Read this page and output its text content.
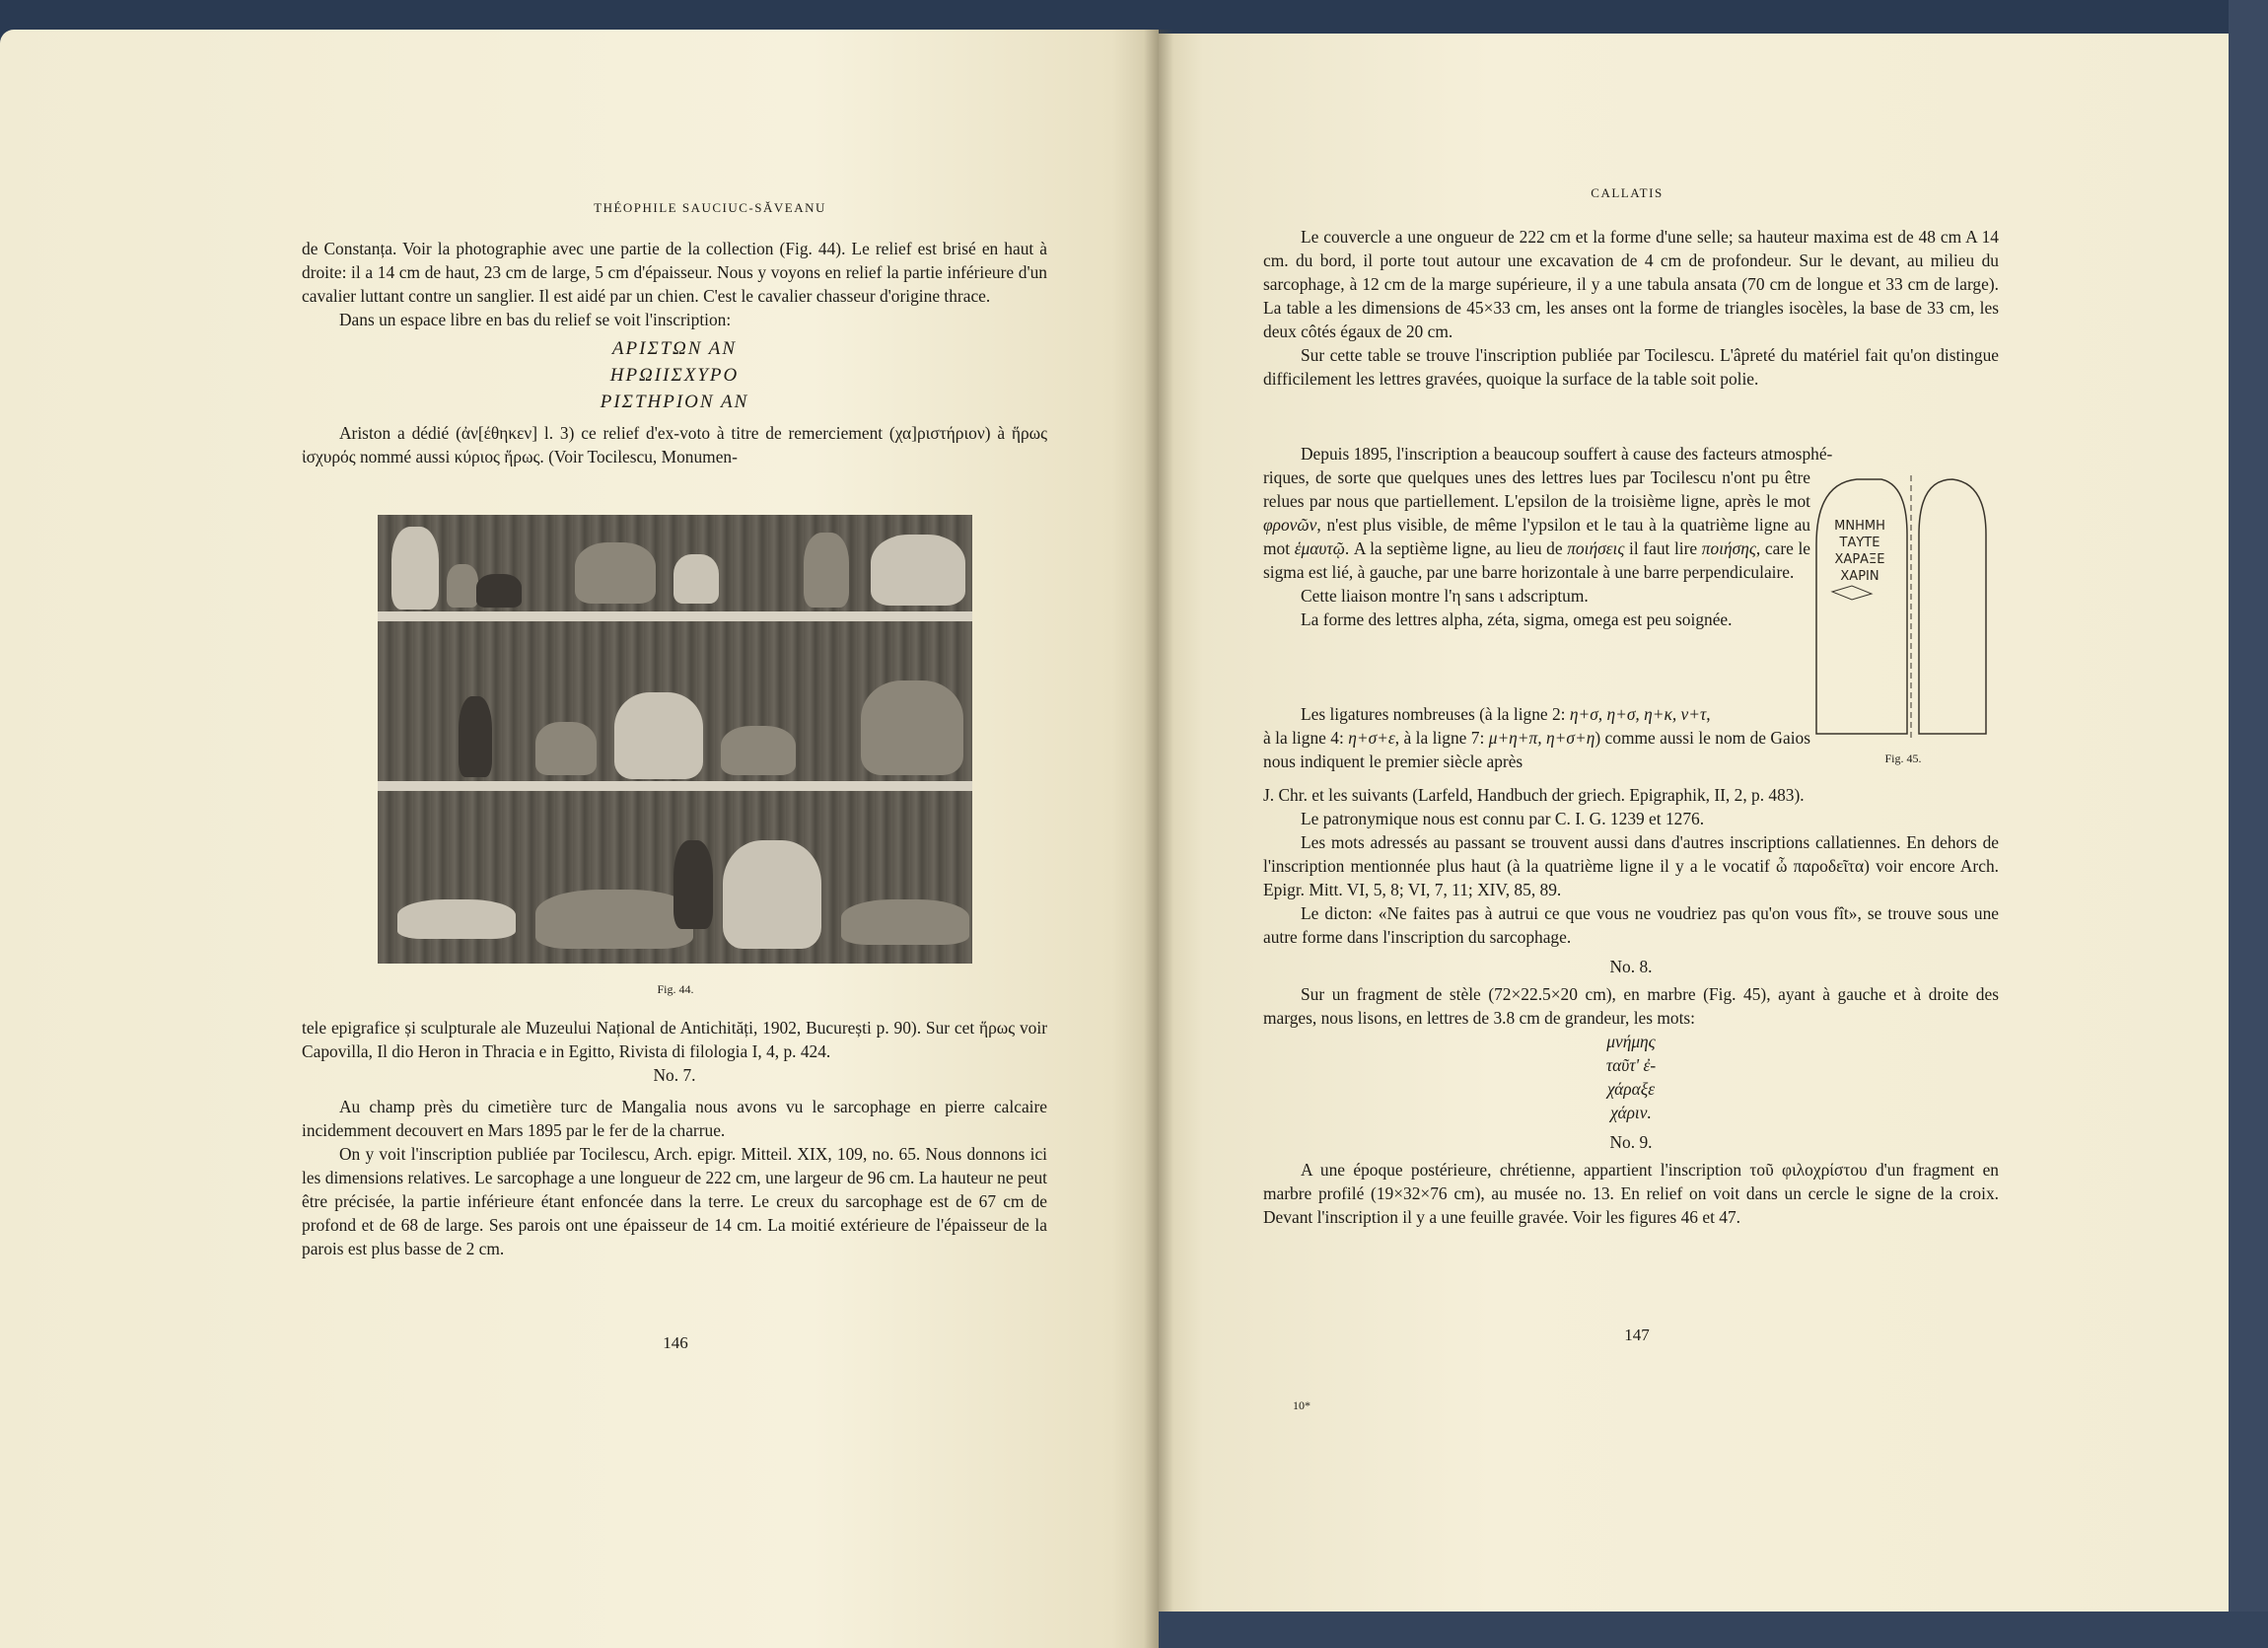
THÉOPHILE SAUCIUC-SĂVEANU

de Constanța. Voir la photographie avec une partie de la collection (Fig. 44). Le relief est brisé en haut à droite: il a 14 cm de haut, 23 cm de large, 5 cm d'épaisseur. Nous y voyons en relief la partie inférieure d'un cavalier luttant contre un sanglier. Il est aidé par un chien. C'est le cavalier chasseur d'origine thrace.

Dans un espace libre en bas du relief se voit l'inscription:

ΑΡΙΣΤΩΝ ΑΝ
ΗΡΩΙΙΣΧΥΡΟ
ΡΙΣΤΗΡΙΟΝ ΑΝ

Ariston a dédié (ἀν[έθηκεν] l. 3) ce relief d'ex-voto à titre de remerciement (χα]ριστήριον) à ἥρως ἰσχυρός nommé aussi κύριος ἥρως. (Voir Tocilescu, Monumen-

Fig. 44.

tele epigrafice și sculpturale ale Muzeului Național de Antichități, 1902, București p. 90). Sur cet ἥρως voir Capovilla, Il dio Heron in Thracia e in Egitto, Rivista di filologia I, 4, p. 424.

No. 7.

Au champ près du cimetière turc de Mangalia nous avons vu le sarcophage en pierre calcaire incidemment decouvert en Mars 1895 par le fer de la charrue.

On y voit l'inscription publiée par Tocilescu, Arch. epigr. Mitteil. XIX, 109, no. 65. Nous donnons ici les dimensions relatives. Le sarcophage a une longueur de 222 cm, une largeur de 96 cm. La hauteur ne peut être précisée, la partie inférieure étant enfoncée dans la terre. Le creux du sarcophage est de 67 cm de profond et de 68 de large. Ses parois ont une épaisseur de 14 cm. La moitié extérieure de l'épaisseur de la parois est plus basse de 2 cm.

146
CALLATIS

Le couvercle a une ongueur de 222 cm et la forme d'une selle; sa hauteur maxima est de 48 cm A 14 cm. du bord, il porte tout autour une excavation de 4 cm de profondeur. Sur le devant, au milieu du sarcophage, à 12 cm de la marge supérieure, il y a une tabula ansata (70 cm de longue et 33 cm de large). La table a les dimensions de 45×33 cm, les anses ont la forme de triangles isocèles, la base de 33 cm, les deux côtés égaux de 20 cm.

Sur cette table se trouve l'inscription publiée par Tocilescu. L'âpreté du matériel fait qu'on distingue difficilement les lettres gravées, quoique la surface de la table soit polie.

Depuis 1895, l'inscription a beaucoup souffert à cause des facteurs atmosphé-

riques, de sorte que quelques unes des lettres lues par Tocilescu n'ont pu être relues par nous que partiellement. L'epsilon de la troisième ligne, après le mot φρονῶν, n'est plus visible, de même l'ypsilon et le tau à la quatrième ligne au mot ἑμαυτῷ. A la septième ligne, au lieu de ποιήσεις il faut lire ποιήσης, care le sigma est lié, à gauche, par une barre horizontale à une barre perpendiculaire.

Cette liaison montre l'η sans ι adscriptum.

La forme des lettres alpha, zéta, sigma, omega est peu soignée.

ΜΝΗΜΗ
ΤΑΥΤΕ
ΧΑΡΑΞΕ
ΧΑΡΙΝ
Fig. 45.

Les ligatures nombreuses (à la ligne 2: η+σ, η+σ, η+κ, ν+τ,

à la ligne 4: η+σ+ε, à la ligne 7: μ+η+π, η+σ+η) comme aussi le nom de Gaios nous indiquent le premier siècle après

J. Chr. et les suivants (Larfeld, Handbuch der griech. Epigraphik, II, 2, p. 483).

Le patronymique nous est connu par C. I. G. 1239 et 1276.

Les mots adressés au passant se trouvent aussi dans d'autres inscriptions callatiennes. En dehors de l'inscription mentionnée plus haut (à la quatrième ligne il y a le vocatif ὦ παροδεῖτα) voir encore Arch. Epigr. Mitt. VI, 5, 8; VI, 7, 11; XIV, 85, 89.

Le dicton: «Ne faites pas à autrui ce que vous ne voudriez pas qu'on vous fît», se trouve sous une autre forme dans l'inscription du sarcophage.

No. 8.

Sur un fragment de stèle (72×22.5×20 cm), en marbre (Fig. 45), ayant à gauche et à droite des marges, nous lisons, en lettres de 3.8 cm de grandeur, les mots:

μνήμης
ταῦτ' ἐ-
χάραξε
χάριν.
No. 9.

A une époque postérieure, chrétienne, appartient l'inscription τοῦ φιλοχρίστου d'un fragment en marbre profilé (19×32×76 cm), au musée no. 13. En relief on voit dans un cercle le signe de la croix. Devant l'inscription il y a une feuille gravée. Voir les figures 46 et 47.

147
10*
